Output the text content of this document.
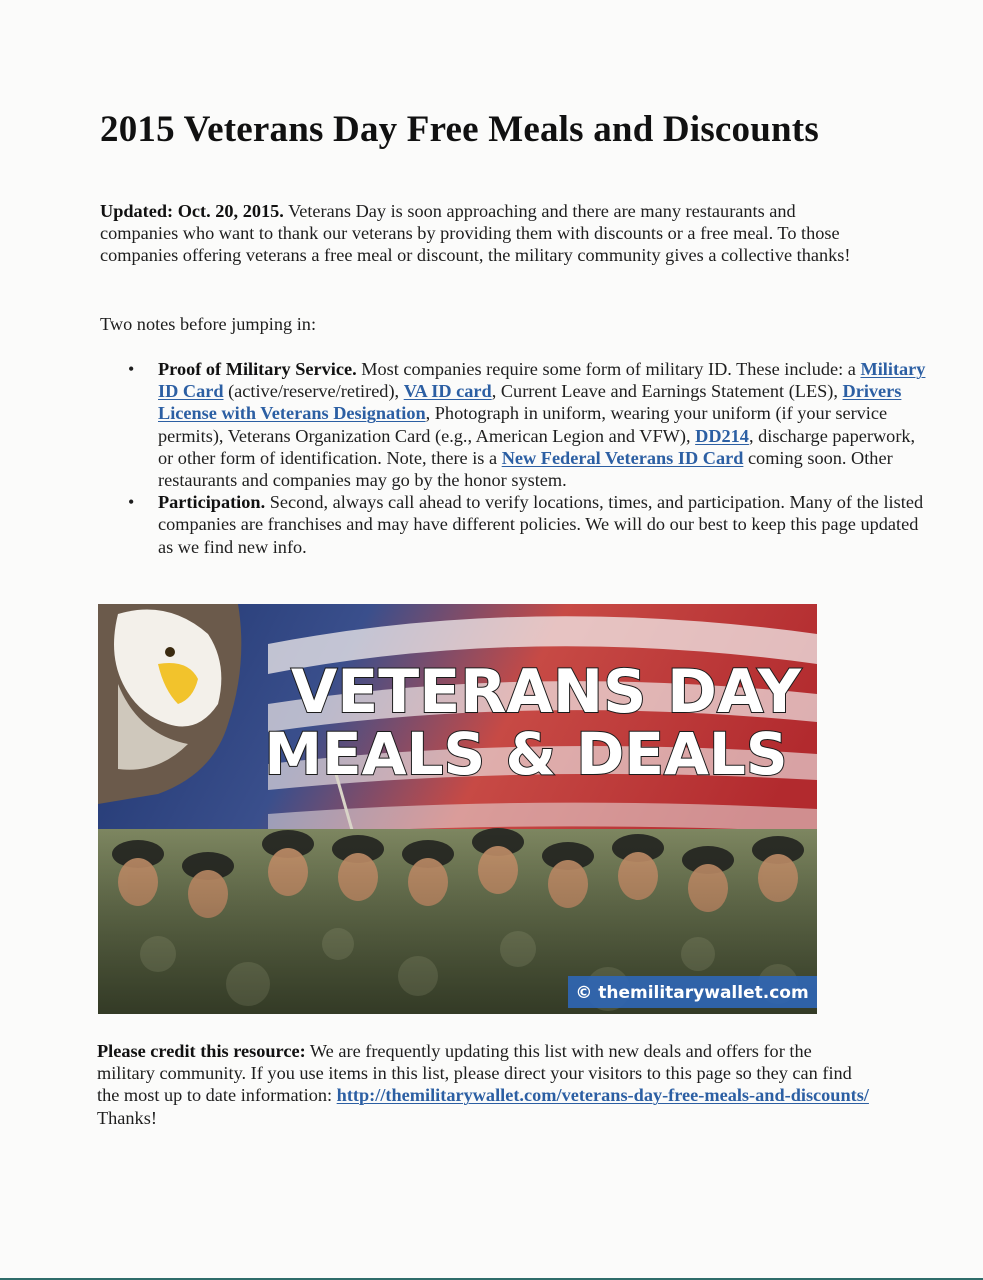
2015 Veterans Day Free Meals and Discounts

Updated: Oct. 20, 2015. Veterans Day is soon approaching and there are many restaurants and companies who want to thank our veterans by providing them with discounts or a free meal. To those companies offering veterans a free meal or discount, the military community gives a collective thanks!

Two notes before jumping in:

• Proof of Military Service. Most companies require some form of military ID. These include: a Military ID Card (active/reserve/retired), VA ID card, Current Leave and Earnings Statement (LES), Drivers License with Veterans Designation, Photograph in uniform, wearing your uniform (if your service permits), Veterans Organization Card (e.g., American Legion and VFW), DD214, discharge paperwork, or other form of identification. Note, there is a New Federal Veterans ID Card coming soon. Other restaurants and companies may go by the honor system.
• Participation. Second, always call ahead to verify locations, times, and participation. Many of the listed companies are franchises and may have different policies. We will do our best to keep this page updated as we find new info.
VETERANS DAY
MEALS & DEALS
© themilitarywallet.com

Please credit this resource: We are frequently updating this list with new deals and offers for the military community. If you use items in this list, please direct your visitors to this page so they can find the most up to date information: http://themilitarywallet.com/veterans-day-free-meals-and-discounts/ Thanks!
